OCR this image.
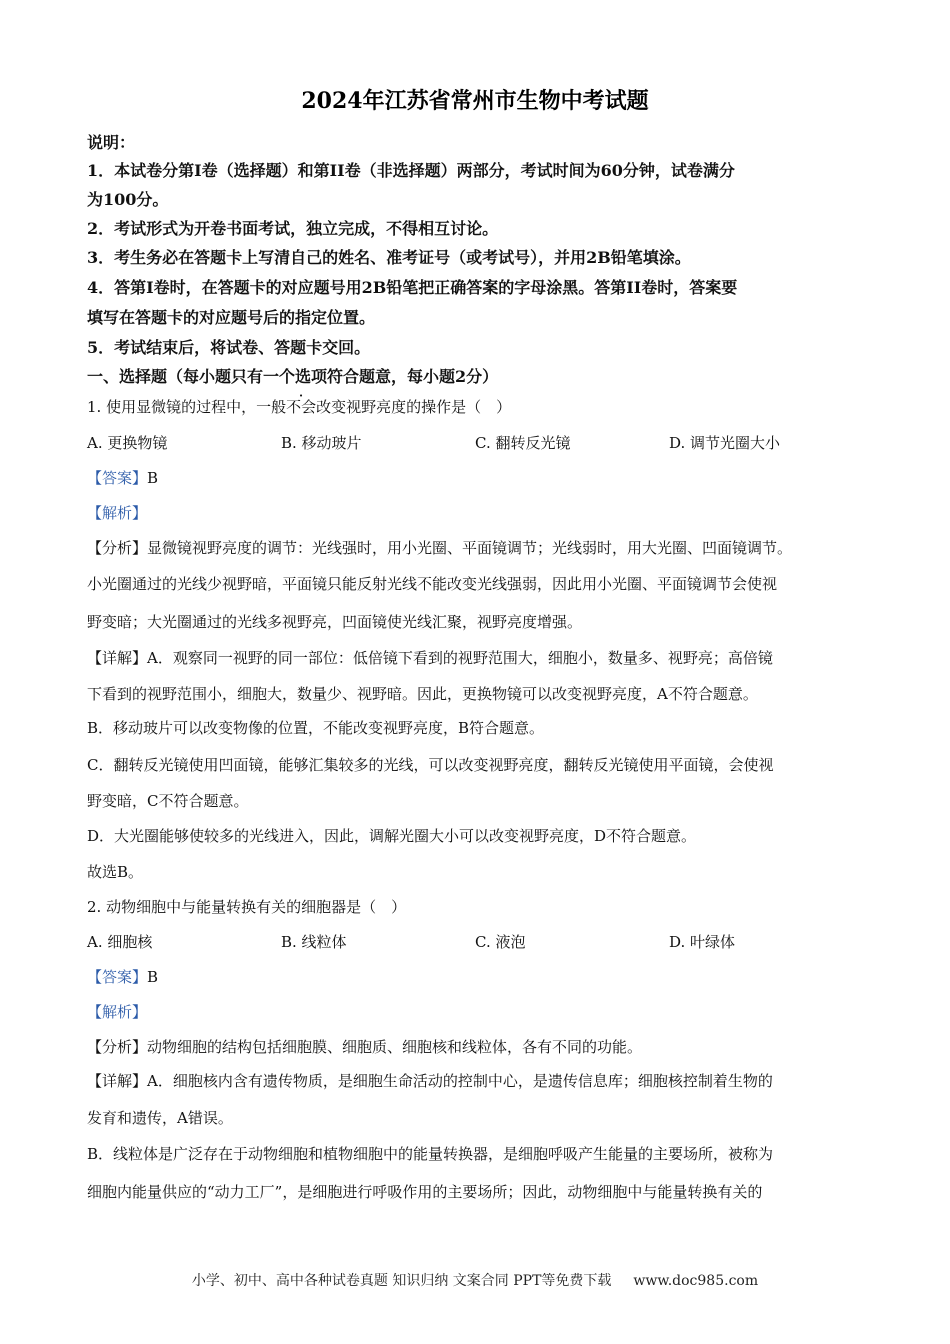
2024年江苏省常州市生物中考试题
说明：
1．本试卷分第I卷（选择题）和第II卷（非选择题）两部分，考试时间为60分钟，试卷满分
为100分。
2．考试形式为开卷书面考试，独立完成，不得相互讨论。
3．考生务必在答题卡上写清自己的姓名、准考证号（或考试号），并用2B铅笔填涂。
4．答第I卷时，在答题卡的对应题号用2B铅笔把正确答案的字母涂黑。答第II卷时，答案要
填写在答题卡的对应题号后的指定位置。
5．考试结束后，将试卷、答题卡交回。
一、选择题（每小题只有一个选项符合题意，每小题2分）
1. 使用显微镜的过程中，一般不会改变视野亮度的操作是（　）
A. 更换物镜	B. 移动玻片	C. 翻转反光镜	D. 调节光圈大小
【答案】B
【解析】
【分析】显微镜视野亮度的调节：光线强时，用小光圈、平面镜调节；光线弱时，用大光圈、凹面镜调节。
小光圈通过的光线少视野暗，平面镜只能反射光线不能改变光线强弱，因此用小光圈、平面镜调节会使视
野变暗；大光圈通过的光线多视野亮，凹面镜使光线汇聚，视野亮度增强。
【详解】A．观察同一视野的同一部位：低倍镜下看到的视野范围大，细胞小，数量多、视野亮；高倍镜
下看到的视野范围小，细胞大，数量少、视野暗。因此，更换物镜可以改变视野亮度，A不符合题意。
B．移动玻片可以改变物像的位置，不能改变视野亮度，B符合题意。
C．翻转反光镜使用凹面镜，能够汇集较多的光线，可以改变视野亮度，翻转反光镜使用平面镜，会使视
野变暗，C不符合题意。
D．大光圈能够使较多的光线进入，因此，调解光圈大小可以改变视野亮度，D不符合题意。
故选B。
2. 动物细胞中与能量转换有关的细胞器是（　）
A. 细胞核	B. 线粒体	C. 液泡	D. 叶绿体
【答案】B
【解析】
【分析】动物细胞的结构包括细胞膜、细胞质、细胞核和线粒体，各有不同的功能。
【详解】A．细胞核内含有遗传物质，是细胞生命活动的控制中心，是遗传信息库；细胞核控制着生物的
发育和遗传，A错误。
B．线粒体是广泛存在于动物细胞和植物细胞中的能量转换器，是细胞呼吸产生能量的主要场所，被称为
细胞内能量供应的“动力工厂”，是细胞进行呼吸作用的主要场所；因此，动物细胞中与能量转换有关的
小学、初中、高中各种试卷真题 知识归纳 文案合同 PPT等免费下载 www.doc985.com
